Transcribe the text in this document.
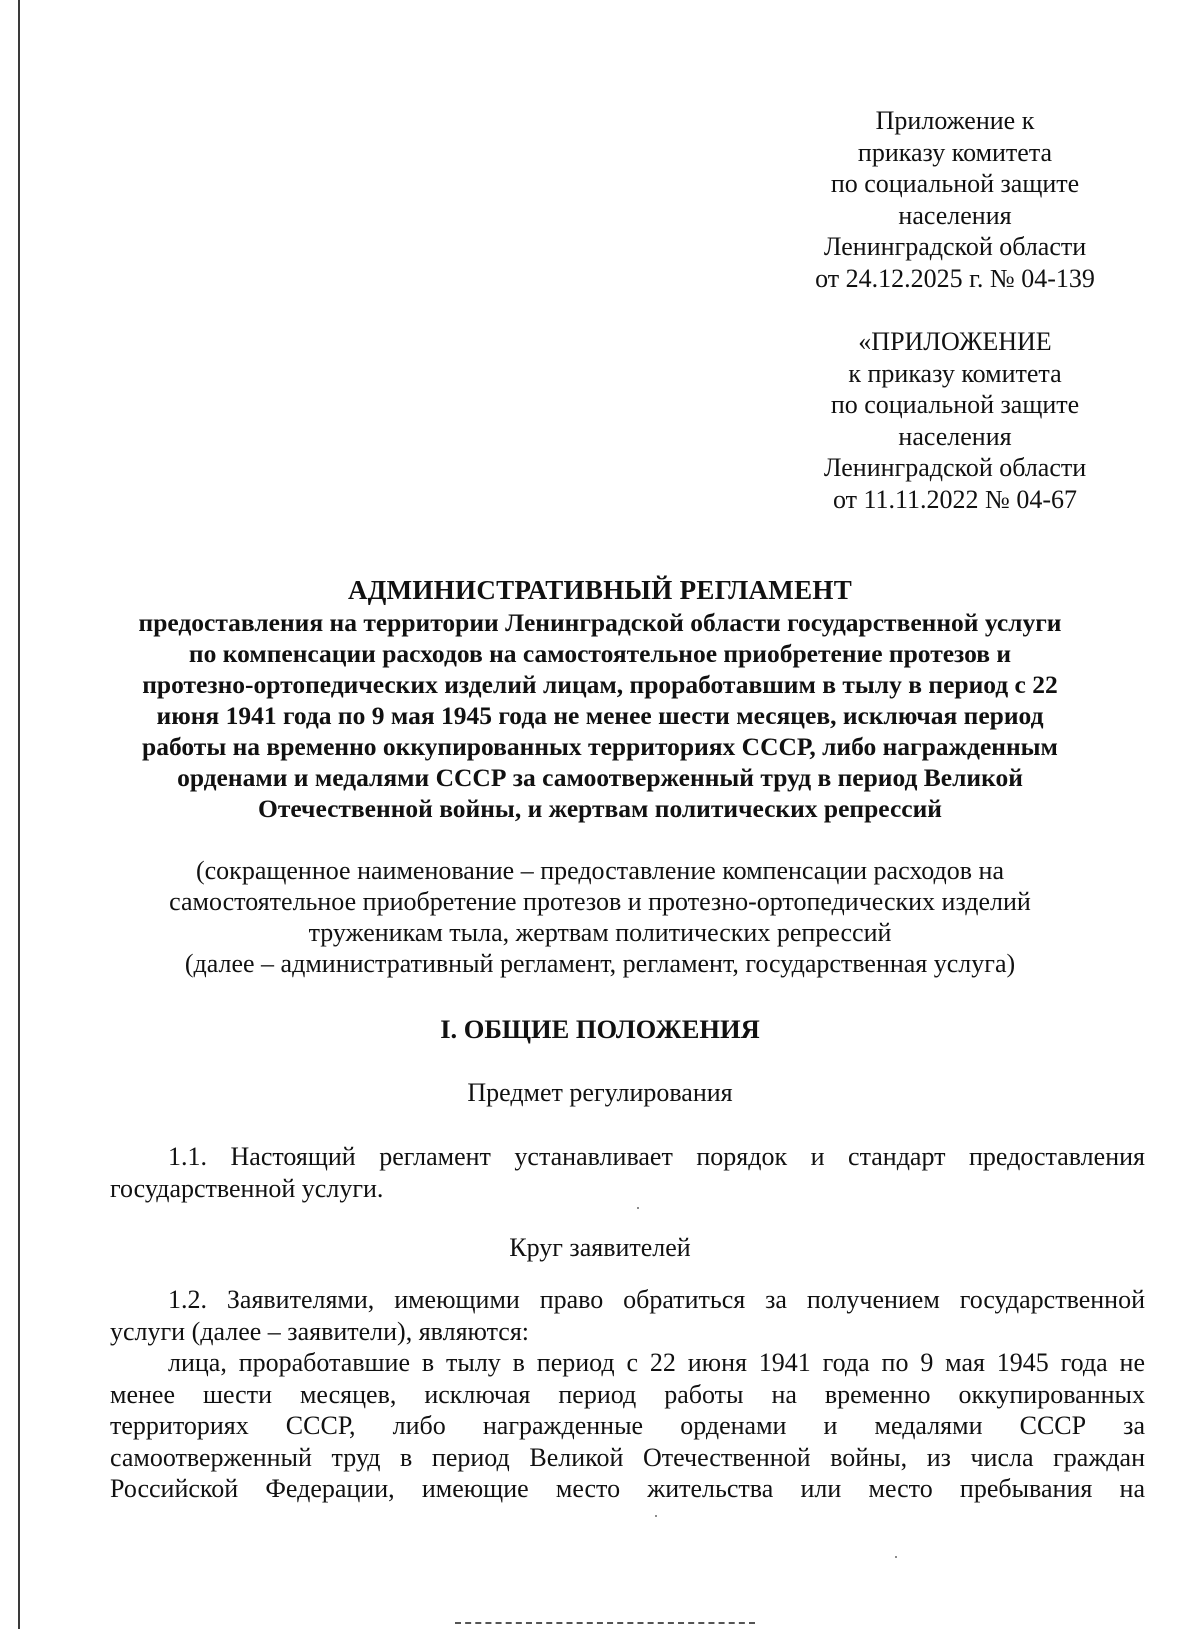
Приложение к
приказу комитета
по социальной защите
населения
Ленинградской области
от 24.12.2025 г. № 04-139
«ПРИЛОЖЕНИЕ
к приказу комитета
по социальной защите
населения
Ленинградской области
от 11.11.2022 № 04-67
АДМИНИСТРАТИВНЫЙ РЕГЛАМЕНТ
предоставления на территории Ленинградской области государственной услуги
по компенсации расходов на самостоятельное приобретение протезов и
протезно-ортопедических изделий лицам, проработавшим в тылу в период с 22
июня 1941 года по 9 мая 1945 года не менее шести месяцев, исключая период
работы на временно оккупированных территориях СССР, либо награжденным
орденами и медалями СССР за самоотверженный труд в период Великой
Отечественной войны, и жертвам политических репрессий
(сокращенное наименование – предоставление компенсации расходов на
самостоятельное приобретение протезов и протезно-ортопедических изделий
труженикам тыла, жертвам политических репрессий
(далее – административный регламент, регламент, государственная услуга)
I. ОБЩИЕ ПОЛОЖЕНИЯ
Предмет регулирования
1.1. Настоящий регламент устанавливает порядок и стандарт предоставления
государственной услуги.
Круг заявителей
1.2. Заявителями, имеющими право обратиться за получением государственной
услуги (далее – заявители), являются:
лица, проработавшие в тылу в период с 22 июня 1941 года по 9 мая 1945 года не
менее шести месяцев, исключая период работы на временно оккупированных
территориях СССР, либо награжденные орденами и медалями СССР за
самоотверженный труд в период Великой Отечественной войны, из числа граждан
Российской Федерации, имеющие место жительства или место пребывания на
